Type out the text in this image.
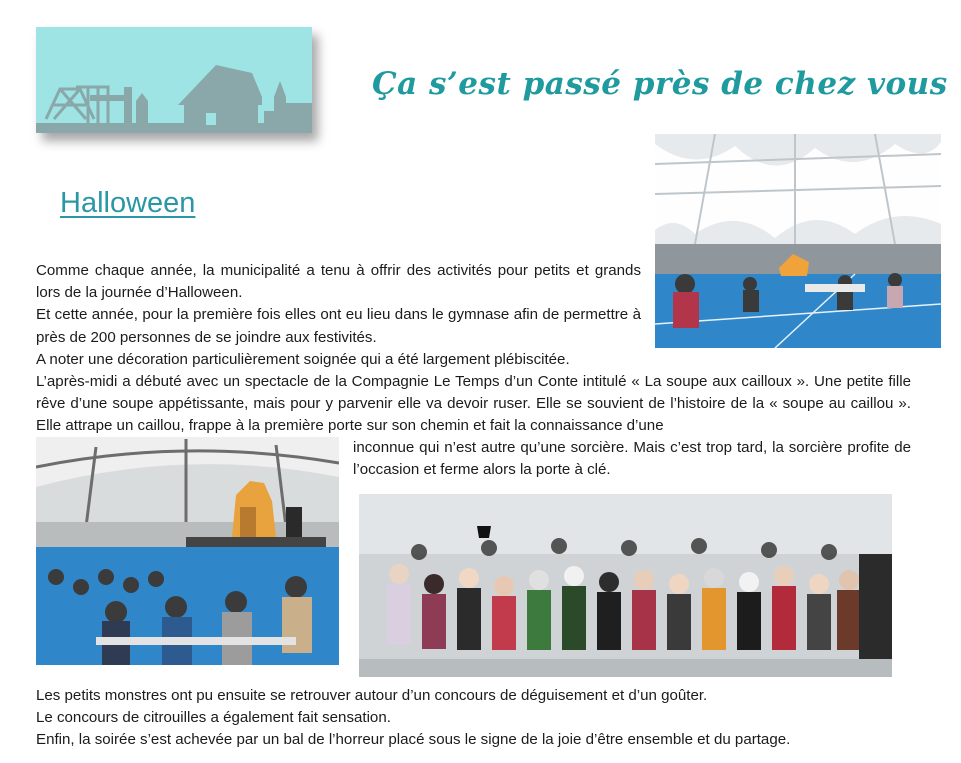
Ça s’est passé près de chez vous
Halloween
Comme chaque année, la municipalité a tenu à offrir des activités pour petits et grands lors de la journée d’Halloween.
Et cette année, pour la première fois elles ont eu lieu dans le gymnase afin de permettre à près de 200 personnes de se joindre aux festivités.
A noter une décoration particulièrement soignée qui a été largement plébiscitée.
L’après-midi a débuté avec un spectacle de la Compagnie Le Temps d’un Conte intitulé « La soupe aux cailloux ». Une petite fille rêve d’une soupe appétissante, mais pour y parvenir elle va devoir ruser. Elle se souvient de l’histoire de la « soupe au caillou ». Elle attrape un caillou, frappe à la première porte sur son chemin et fait la connaissance d’une
inconnue qui n’est autre qu’une sorcière. Mais c’est trop tard, la sorcière profite de l’occasion et ferme alors la porte à clé.
Les petits monstres ont pu ensuite se retrouver autour d’un concours de déguisement et d’un goûter.
Le concours de citrouilles a également fait sensation.
Enfin, la soirée s’est achevée par un bal de l’horreur placé sous le signe de la joie d’être ensemble et du partage.
